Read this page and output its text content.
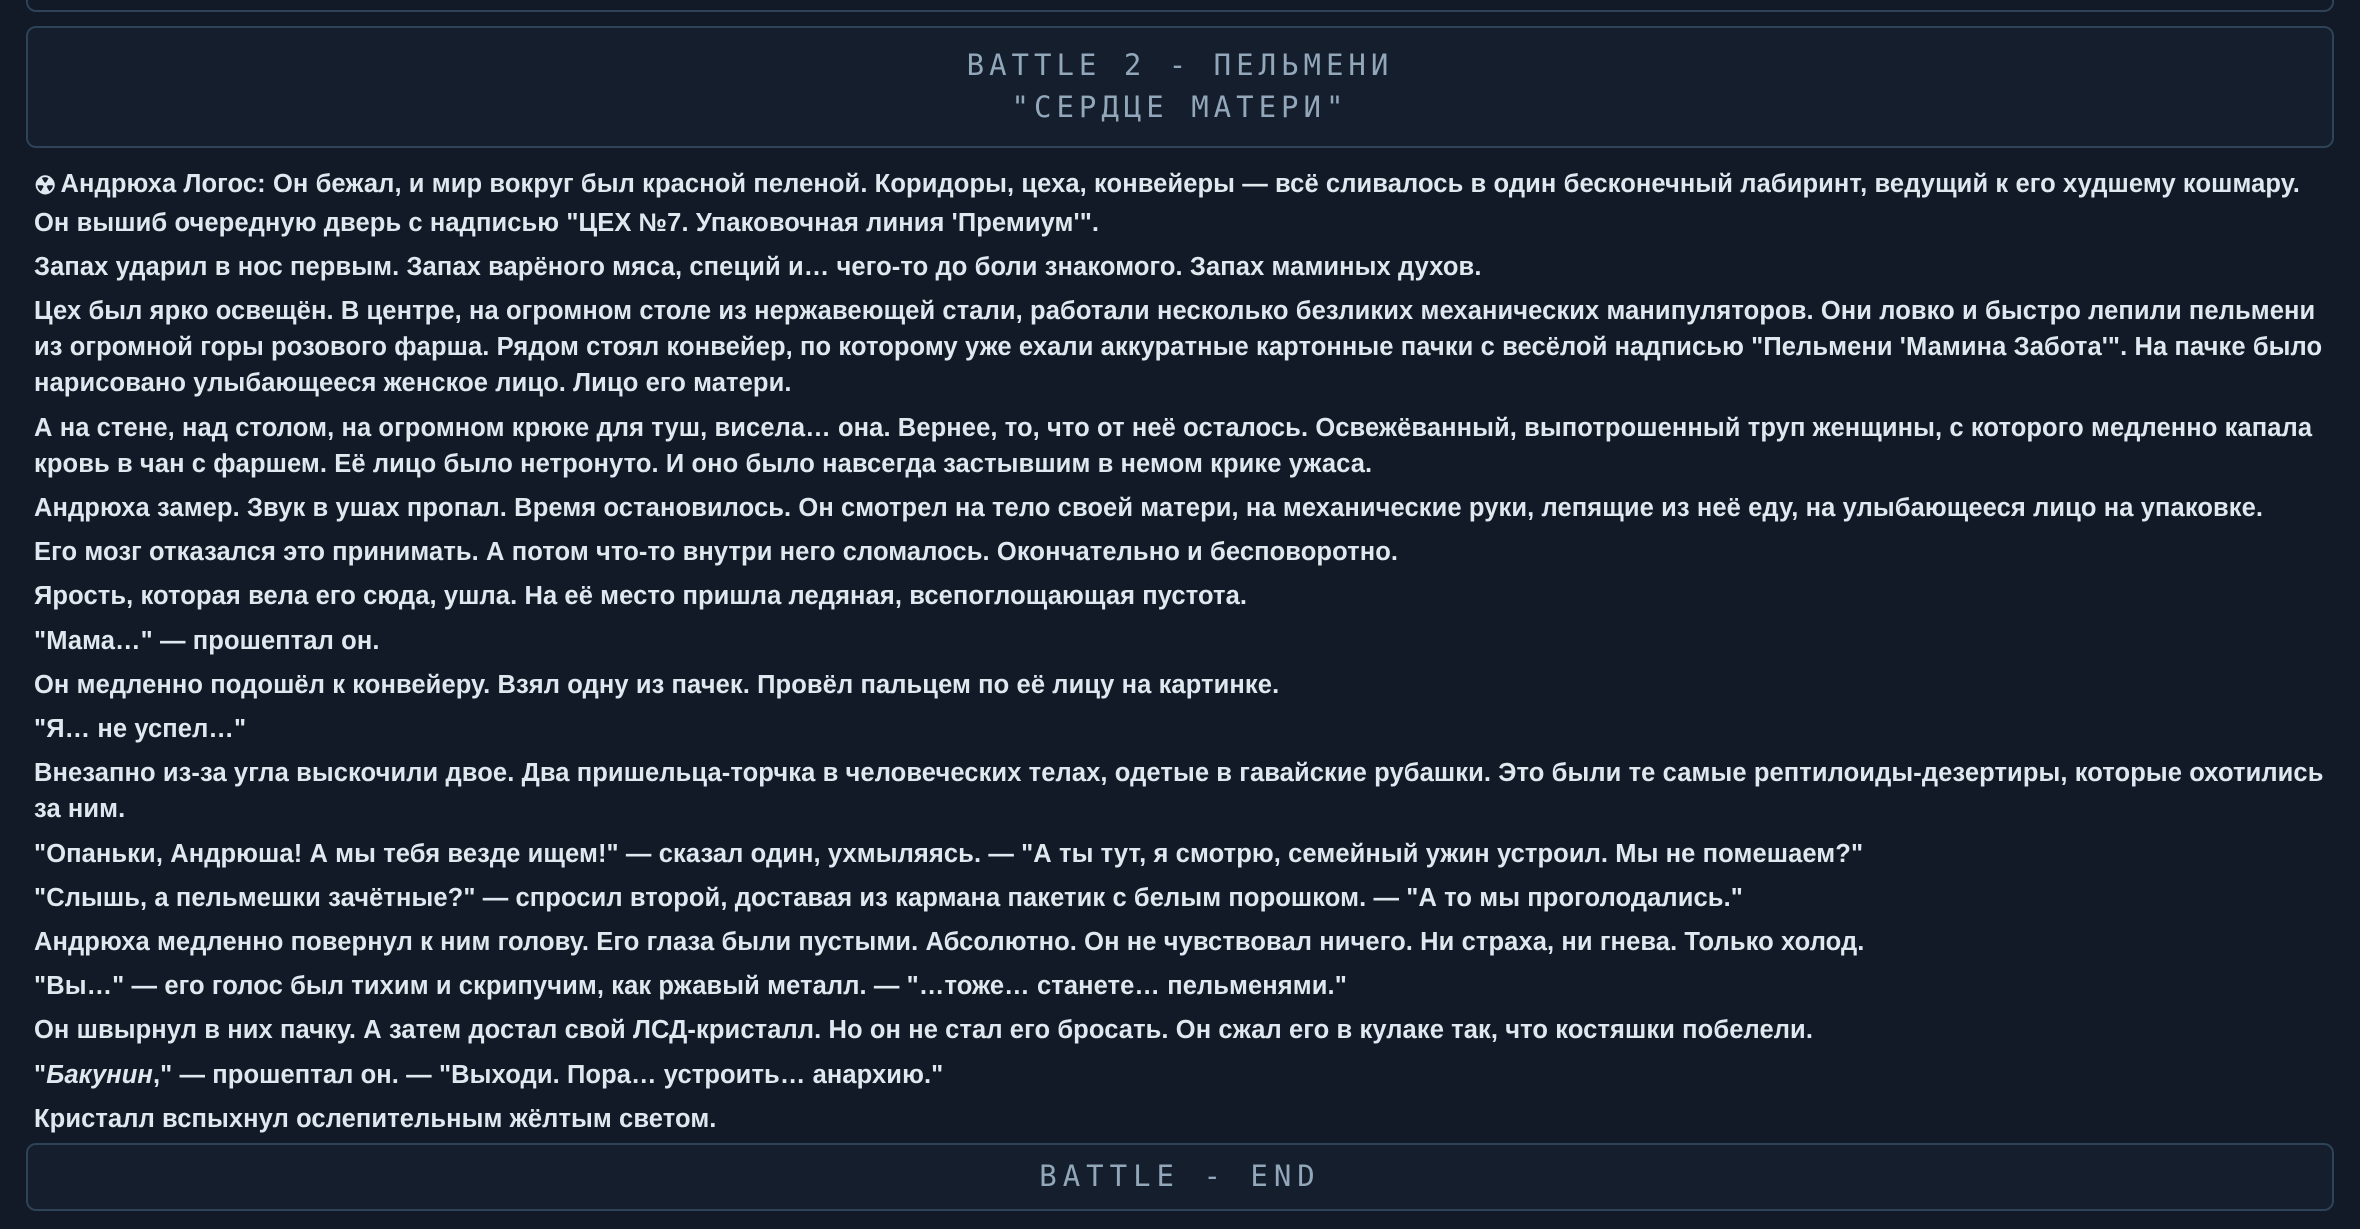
BATTLE 2 - ПЕЛЬМЕНИ
"СЕРДЦЕ МАТЕРИ"

☢ Андрюха Логос: Он бежал, и мир вокруг был красной пеленой. Коридоры, цеха, конвейеры — всё сливалось в один бесконечный лабиринт, ведущий к его худшему кошмару. Он вышиб очередную дверь с надписью "ЦЕХ №7. Упаковочная линия 'Премиум'".

Запах ударил в нос первым. Запах варёного мяса, специй и… чего-то до боли знакомого. Запах маминых духов.

Цех был ярко освещён. В центре, на огромном столе из нержавеющей стали, работали несколько безликих механических манипуляторов. Они ловко и быстро лепили пельмени из огромной горы розового фарша. Рядом стоял конвейер, по которому уже ехали аккуратные картонные пачки с весёлой надписью "Пельмени 'Мамина Забота'". На пачке было нарисовано улыбающееся женское лицо. Лицо его матери.

А на стене, над столом, на огромном крюке для туш, висела… она. Вернее, то, что от неё осталось. Освежёванный, выпотрошенный труп женщины, с которого медленно капала кровь в чан с фаршем. Её лицо было нетронуто. И оно было навсегда застывшим в немом крике ужаса.

Андрюха замер. Звук в ушах пропал. Время остановилось. Он смотрел на тело своей матери, на механические руки, лепящие из неё еду, на улыбающееся лицо на упаковке.

Его мозг отказался это принимать. А потом что-то внутри него сломалось. Окончательно и бесповоротно.

Ярость, которая вела его сюда, ушла. На её место пришла ледяная, всепоглощающая пустота.

"Мама…" — прошептал он.

Он медленно подошёл к конвейеру. Взял одну из пачек. Провёл пальцем по её лицу на картинке.

"Я… не успел…"

Внезапно из-за угла выскочили двое. Два пришельца-торчка в человеческих телах, одетые в гавайские рубашки. Это были те самые рептилоиды-дезертиры, которые охотились за ним.

"Опаньки, Андрюша! А мы тебя везде ищем!" — сказал один, ухмыляясь. — "А ты тут, я смотрю, семейный ужин устроил. Мы не помешаем?"

"Слышь, а пельмешки зачётные?" — спросил второй, доставая из кармана пакетик с белым порошком. — "А то мы проголодались."

Андрюха медленно повернул к ним голову. Его глаза были пустыми. Абсолютно. Он не чувствовал ничего. Ни страха, ни гнева. Только холод.

"Вы…" — его голос был тихим и скрипучим, как ржавый металл. — "…тоже… станете… пельменями."

Он швырнул в них пачку. А затем достал свой ЛСД-кристалл. Но он не стал его бросать. Он сжал его в кулаке так, что костяшки побелели.

"Бакунин," — прошептал он. — "Выходи. Пора… устроить… анархию."

Кристалл вспыхнул ослепительным жёлтым светом.

BATTLE - END
